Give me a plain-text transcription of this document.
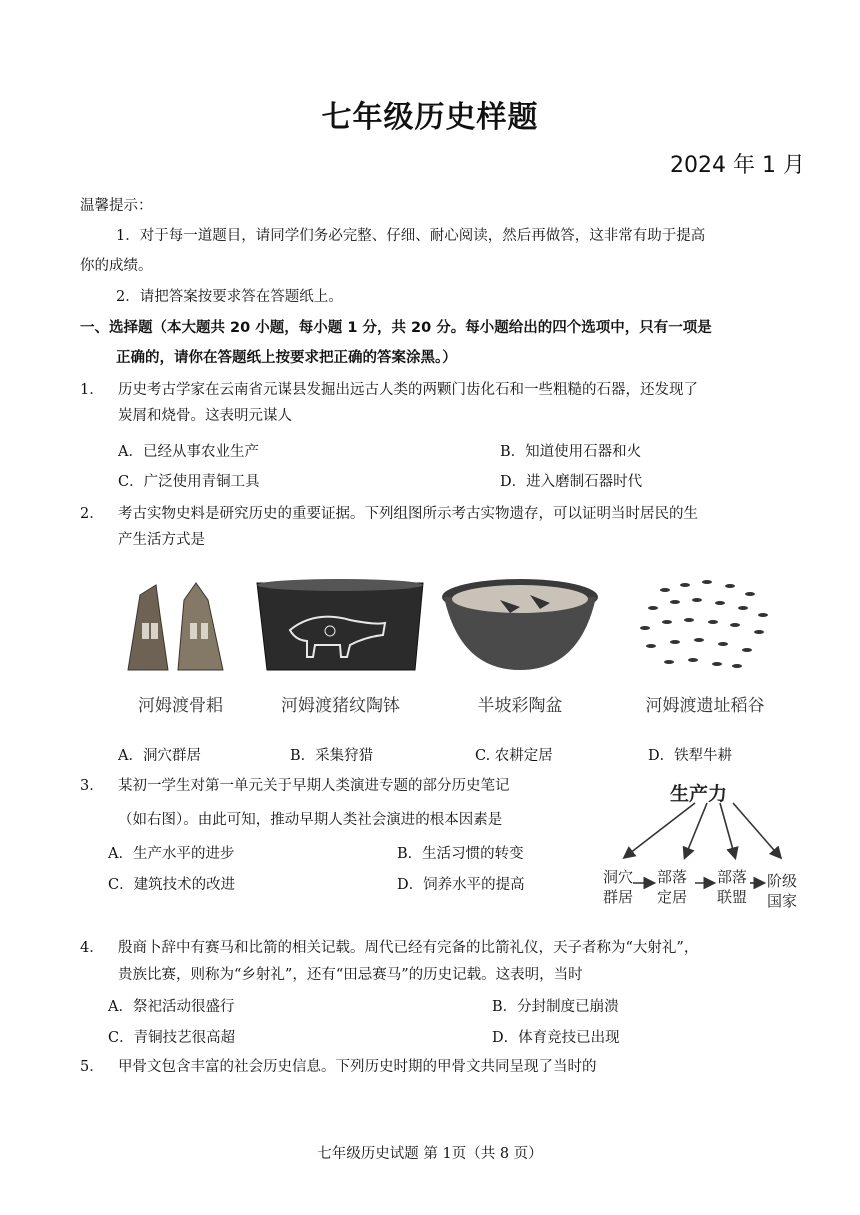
七年级历史样题
2024 年 1 月
温馨提示：
1．对于每一道题目，请同学们务必完整、仔细、耐心阅读，然后再做答，这非常有助于提高
你的成绩。
2．请把答案按要求答在答题纸上。
一、选择题（本大题共 20 小题，每小题 1 分，共 20 分。每小题给出的四个选项中，只有一项是
正确的，请你在答题纸上按要求把正确的答案涂黑。）
1． 历史考古学家在云南省元谋县发掘出远古人类的两颗门齿化石和一些粗糙的石器，还发现了
炭屑和烧骨。这表明元谋人
A．已经从事农业生产	B．知道使用石器和火
C．广泛使用青铜工具	D．进入磨制石器时代
2． 考古实物史料是研究历史的重要证据。下列组图所示考古实物遗存，可以证明当时居民的生
产生活方式是
河姆渡骨耜	河姆渡猪纹陶钵	半坡彩陶盆	河姆渡遗址稻谷
A．洞穴群居	B．采集狩猎	C. 农耕定居	D．铁犁牛耕
3． 某初一学生对第一单元关于早期人类演进专题的部分历史笔记
（如右图）。由此可知，推动早期人类社会演进的根本因素是
A．生产水平的进步	B．生活习惯的转变
C．建筑技术的改进	D．饲养水平的提高
生产力
洞穴
群居
部落
定居
部落
联盟
阶级
国家
4． 殷商卜辞中有赛马和比箭的相关记载。周代已经有完备的比箭礼仪，天子者称为“大射礼”，
贵族比赛，则称为“乡射礼”，还有“田忌赛马”的历史记载。这表明，当时
A．祭祀活动很盛行	B．分封制度已崩溃
C．青铜技艺很高超	D．体育竞技已出现
5． 甲骨文包含丰富的社会历史信息。下列历史时期的甲骨文共同呈现了当时的
七年级历史试题 第 1页（共 8 页）
